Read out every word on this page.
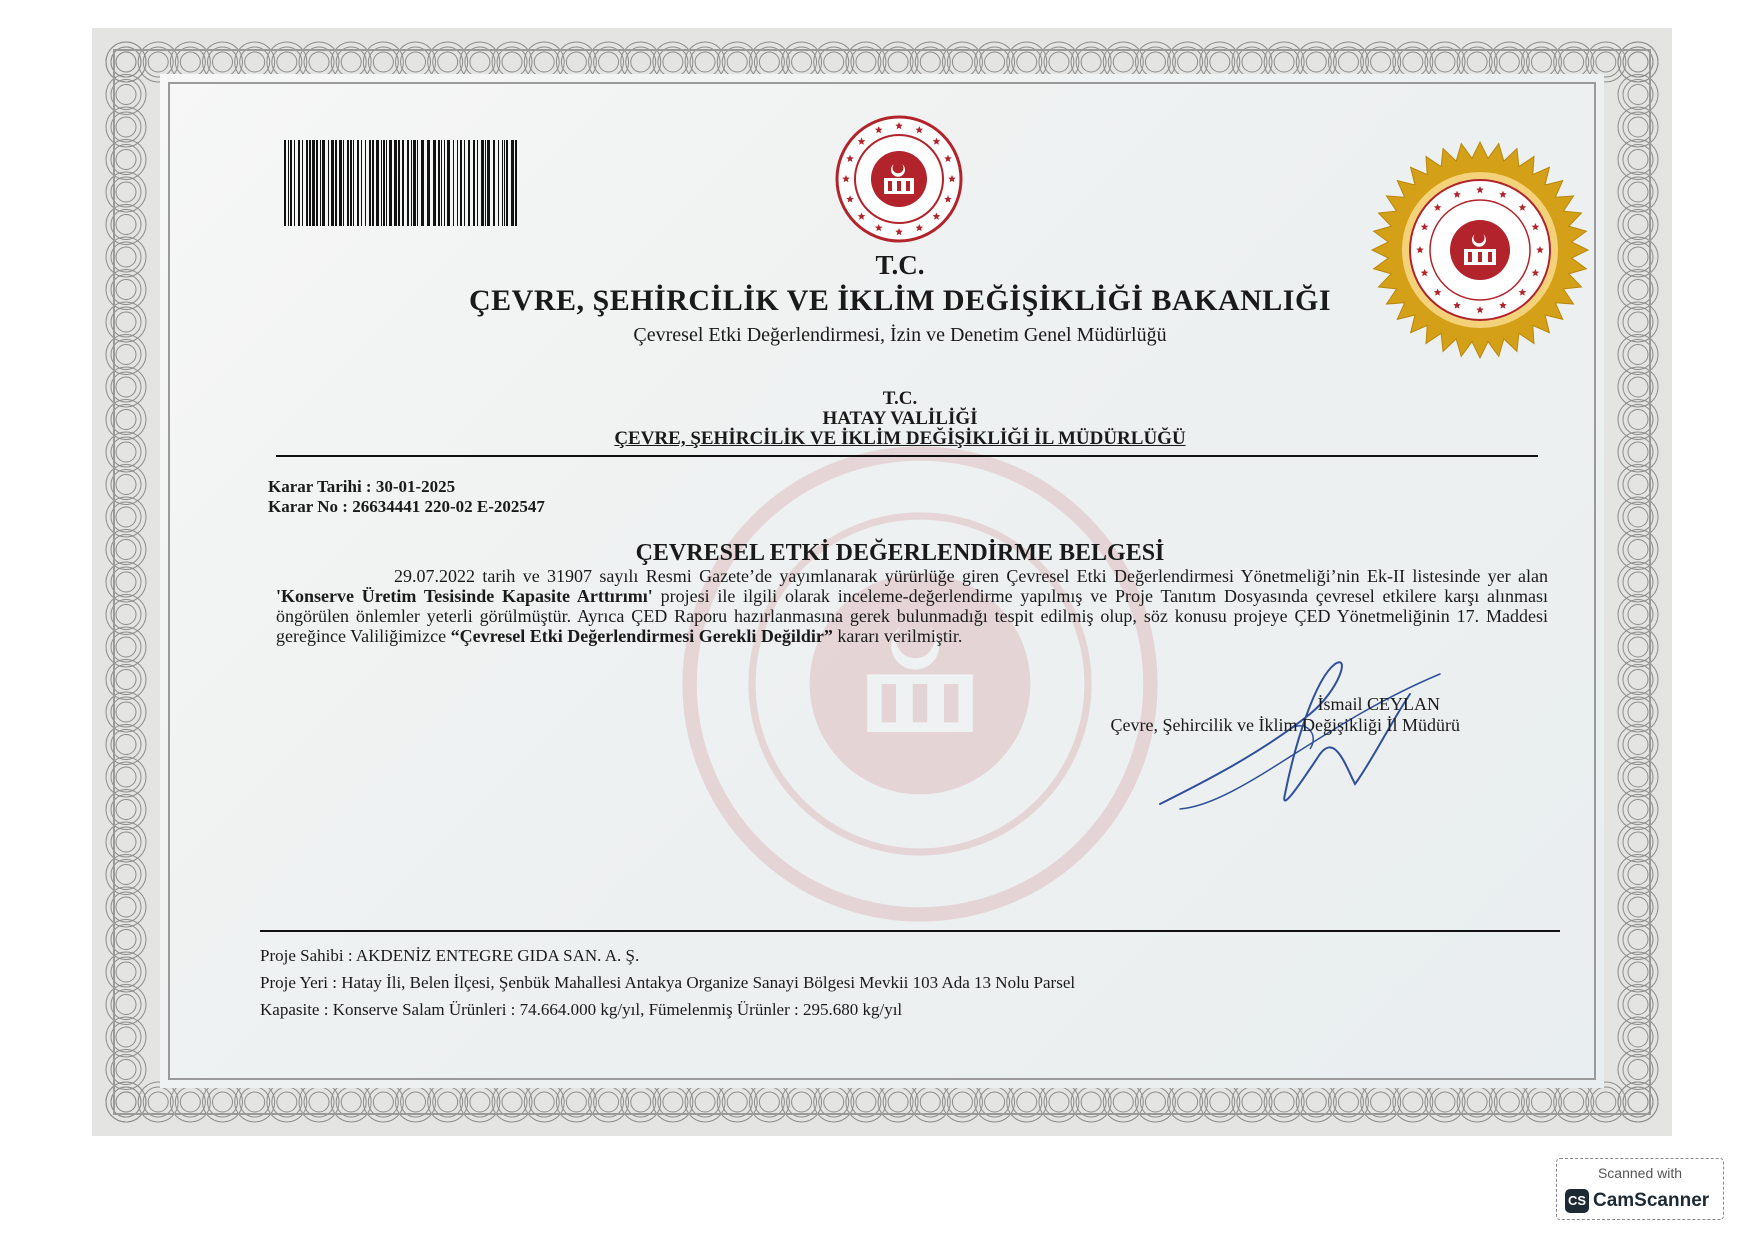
T.C.
ÇEVRE, ŞEHİRCİLİK VE İKLİM DEĞİŞİKLİĞİ BAKANLIĞI
Çevresel Etki Değerlendirmesi, İzin ve Denetim Genel Müdürlüğü
T.C.
HATAY VALİLİĞİ
ÇEVRE, ŞEHİRCİLİK VE İKLİM DEĞİŞİKLİĞİ İL MÜDÜRLÜĞÜ
Karar Tarihi : 30-01-2025
Karar No : 26634441 220-02 E-202547
ÇEVRESEL ETKİ DEĞERLENDİRME BELGESİ
29.07.2022 tarih ve 31907 sayılı Resmi Gazete’de yayımlanarak yürürlüğe giren Çevresel Etki Değerlendirmesi Yönetmeliği’nin Ek-II listesinde yer alan 'Konserve Üretim Tesisinde Kapasite Arttırımı' projesi ile ilgili olarak inceleme-değerlendirme yapılmış ve Proje Tanıtım Dosyasında çevresel etkilere karşı alınması öngörülen önlemler yeterli görülmüştür. Ayrıca ÇED Raporu hazırlanmasına gerek bulunmadığı tespit edilmiş olup, söz konusu projeye ÇED Yönetmeliğinin 17. Maddesi gereğince Valiliğimizce “Çevresel Etki Değerlendirmesi Gerekli Değildir” kararı verilmiştir.
İsmail CEYLAN
Çevre, Şehircilik ve İklim Değişikliği İl Müdürü
Proje Sahibi : AKDENİZ ENTEGRE GIDA SAN. A. Ş.
Proje Yeri : Hatay İli, Belen İlçesi, Şenbük Mahallesi Antakya Organize Sanayi Bölgesi Mevkii 103 Ada 13 Nolu Parsel
Kapasite : Konserve Salam Ürünleri : 74.664.000 kg/yıl, Fümelenmiş Ürünler : 295.680 kg/yıl
Scanned with
CS CamScanner
